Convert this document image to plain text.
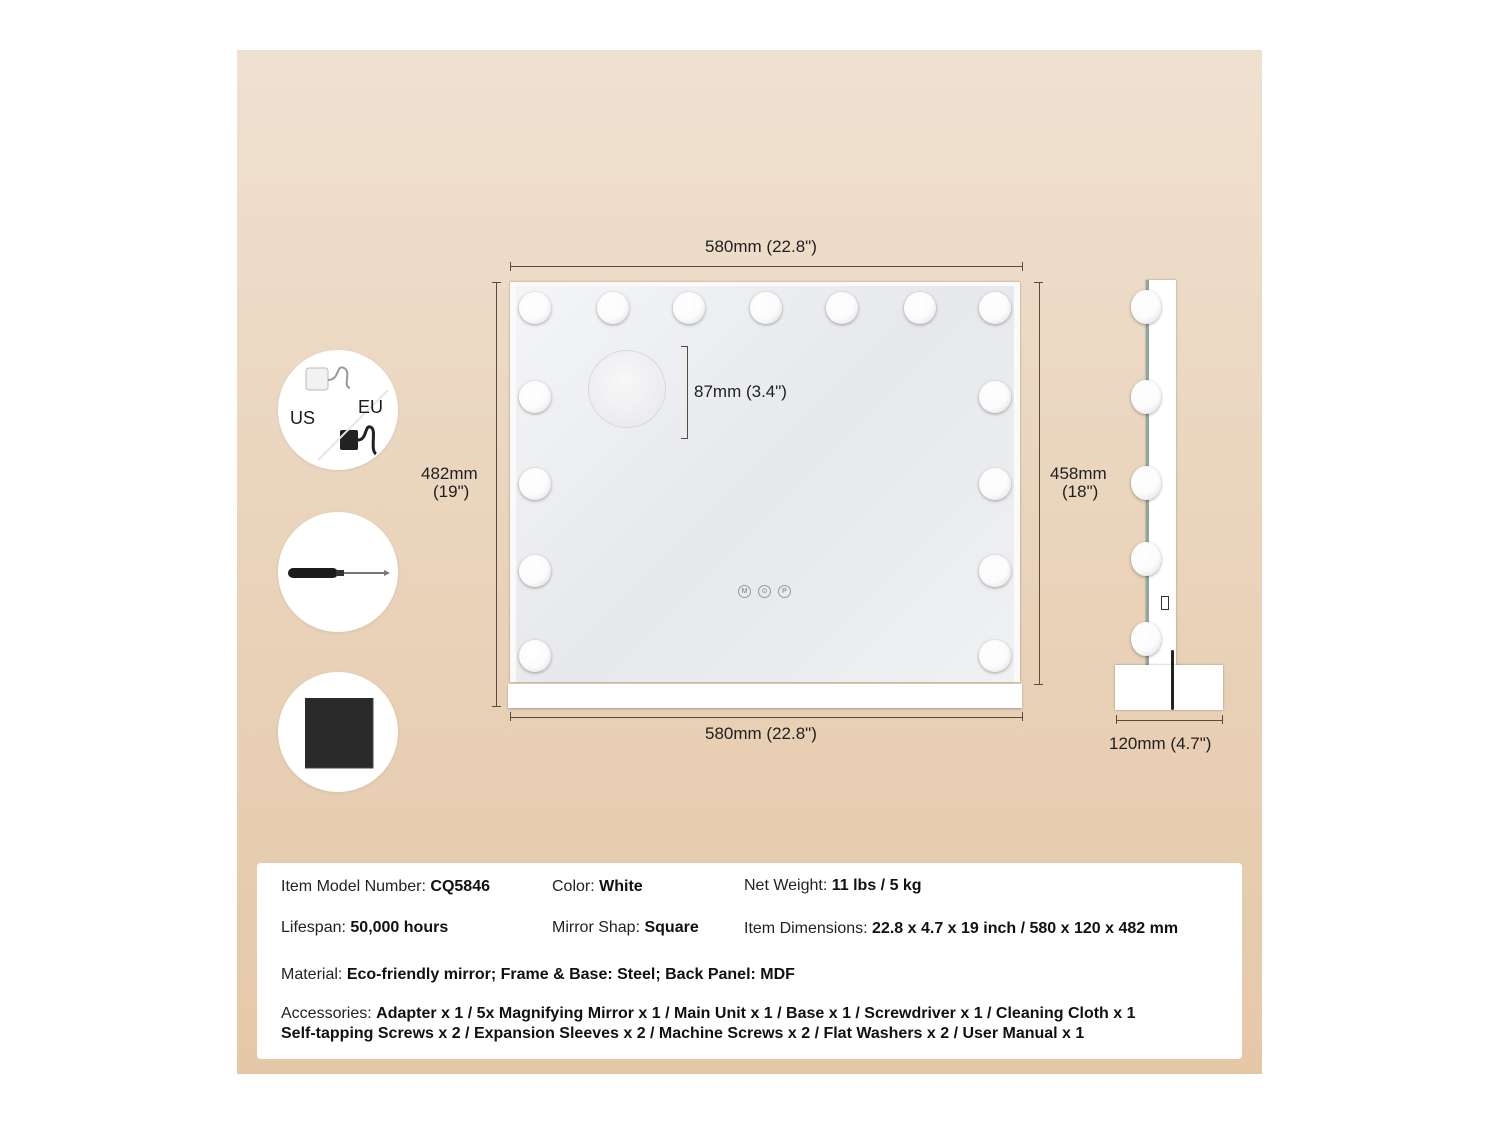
US
EU
580mm (22.8")
580mm (22.8")
482mm
(19")
458mm
(18")
M	⊙	P
87mm (3.4")
120mm (4.7")
Item Model Number: CQ5846	Color: White	Net Weight: 11 lbs / 5 kg
Lifespan: 50,000 hours	Mirror Shap: Square	Item Dimensions: 22.8 x 4.7 x 19 inch / 580 x 120 x 482 mm
Material: Eco-friendly mirror; Frame & Base: Steel; Back Panel: MDF
Accessories: Adapter x 1 / 5x Magnifying Mirror x 1 / Main Unit x 1 / Base x 1 / Screwdriver x 1 / Cleaning Cloth x 1
Self-tapping Screws x 2 / Expansion Sleeves x 2 / Machine Screws x 2 / Flat Washers x 2 / User Manual x 1
